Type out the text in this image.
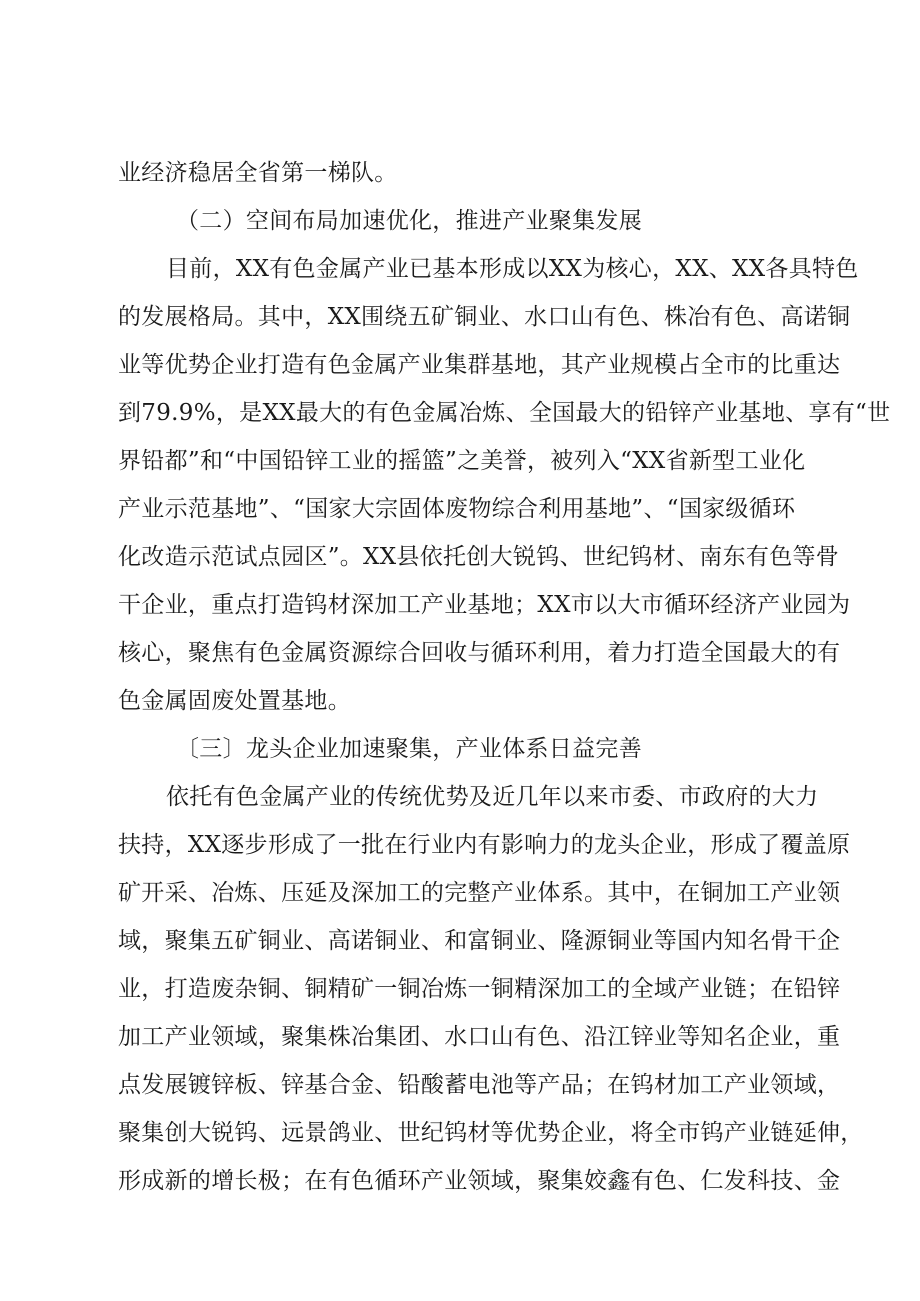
业经济稳居全省第一梯队。
（二）空间布局加速优化，推进产业聚集发展
目前，XX有色金属产业已基本形成以XX为核心，XX、XX各具特色
的发展格局。其中，XX围绕五矿铜业、水口山有色、株冶有色、高诺铜
业等优势企业打造有色金属产业集群基地，其产业规模占全市的比重达
到79.9%，是XX最大的有色金属冶炼、全国最大的铅锌产业基地、享有“世
界铅都”和“中国铅锌工业的摇篮”之美誉，被列入“XX省新型工业化
产业示范基地”、“国家大宗固体废物综合利用基地”、“国家级循环
化改造示范试点园区”。XX县依托创大锐钨、世纪钨材、南东有色等骨
干企业，重点打造钨材深加工产业基地；XX市以大市循环经济产业园为
核心，聚焦有色金属资源综合回收与循环利用，着力打造全国最大的有
色金属固废处置基地。
〔三〕龙头企业加速聚集，产业体系日益完善
依托有色金属产业的传统优势及近几年以来市委、市政府的大力
扶持，XX逐步形成了一批在行业内有影响力的龙头企业，形成了覆盖原
矿开采、冶炼、压延及深加工的完整产业体系。其中，在铜加工产业领
域，聚集五矿铜业、高诺铜业、和富铜业、隆源铜业等国内知名骨干企
业，打造废杂铜、铜精矿一铜冶炼一铜精深加工的全域产业链；在铅锌
加工产业领域，聚集株冶集团、水口山有色、沿江锌业等知名企业，重
点发展镀锌板、锌基合金、铅酸蓄电池等产品；在钨材加工产业领域，
聚集创大锐钨、远景鸽业、世纪钨材等优势企业，将全市钨产业链延伸，
形成新的增长极；在有色循环产业领域，聚集姣鑫有色、仁发科技、金
